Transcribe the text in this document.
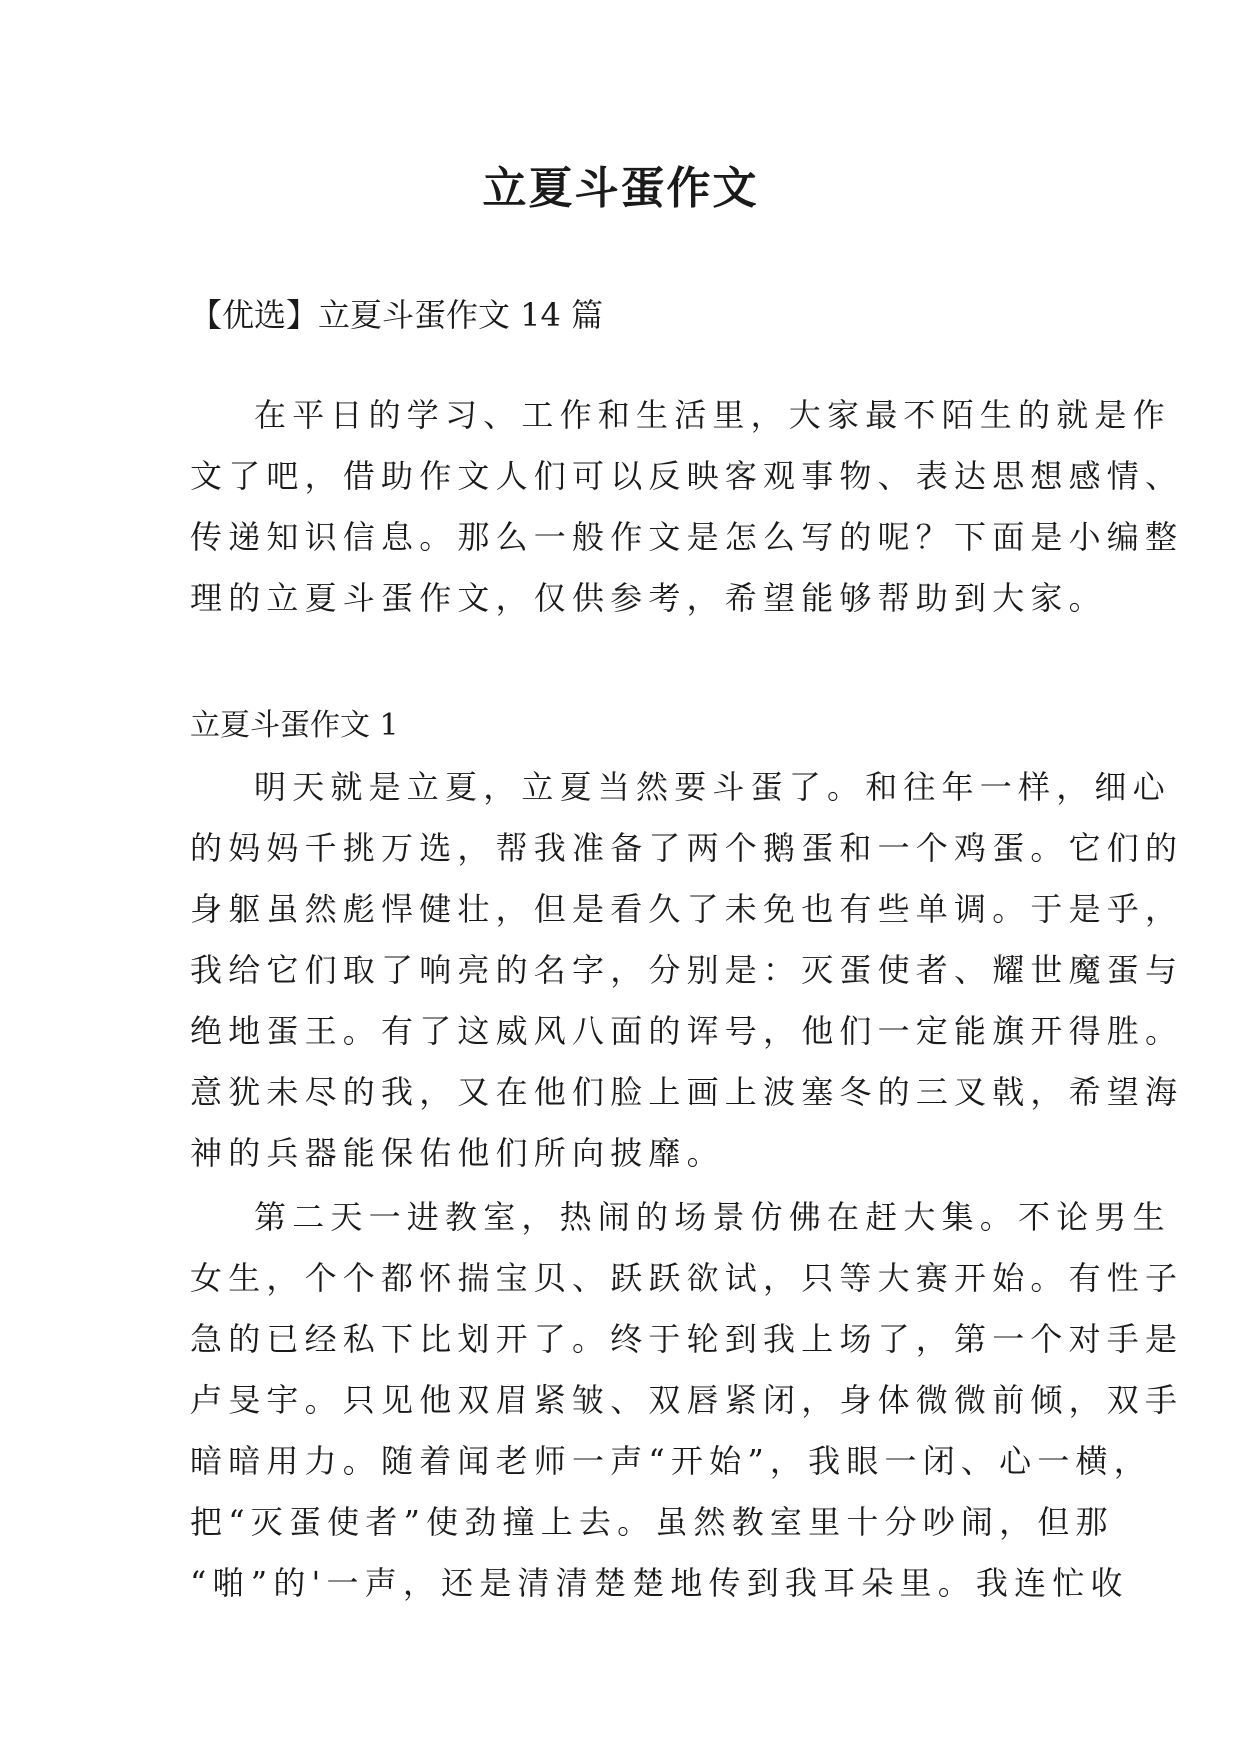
立夏斗蛋作文

【优选】立夏斗蛋作文 14 篇

在平日的学习、工作和生活里，大家最不陌生的就是作
文了吧，借助作文人们可以反映客观事物、表达思想感情、
传递知识信息。那么一般作文是怎么写的呢？下面是小编整
理的立夏斗蛋作文，仅供参考，希望能够帮助到大家。

立夏斗蛋作文 1

明天就是立夏，立夏当然要斗蛋了。和往年一样，细心
的妈妈千挑万选，帮我准备了两个鹅蛋和一个鸡蛋。它们的
身躯虽然彪悍健壮，但是看久了未免也有些单调。于是乎，
我给它们取了响亮的名字，分别是：灭蛋使者、耀世魔蛋与
绝地蛋王。有了这威风八面的诨号，他们一定能旗开得胜。
意犹未尽的我，又在他们脸上画上波塞冬的三叉戟，希望海
神的兵器能保佑他们所向披靡。
第二天一进教室，热闹的场景仿佛在赶大集。不论男生
女生，个个都怀揣宝贝、跃跃欲试，只等大赛开始。有性子
急的已经私下比划开了。终于轮到我上场了，第一个对手是
卢旻宇。只见他双眉紧皱、双唇紧闭，身体微微前倾，双手
暗暗用力。随着闻老师一声“开始”，我眼一闭、心一横，
把“灭蛋使者”使劲撞上去。虽然教室里十分吵闹，但那
“啪”的'一声，还是清清楚楚地传到我耳朵里。我连忙收
